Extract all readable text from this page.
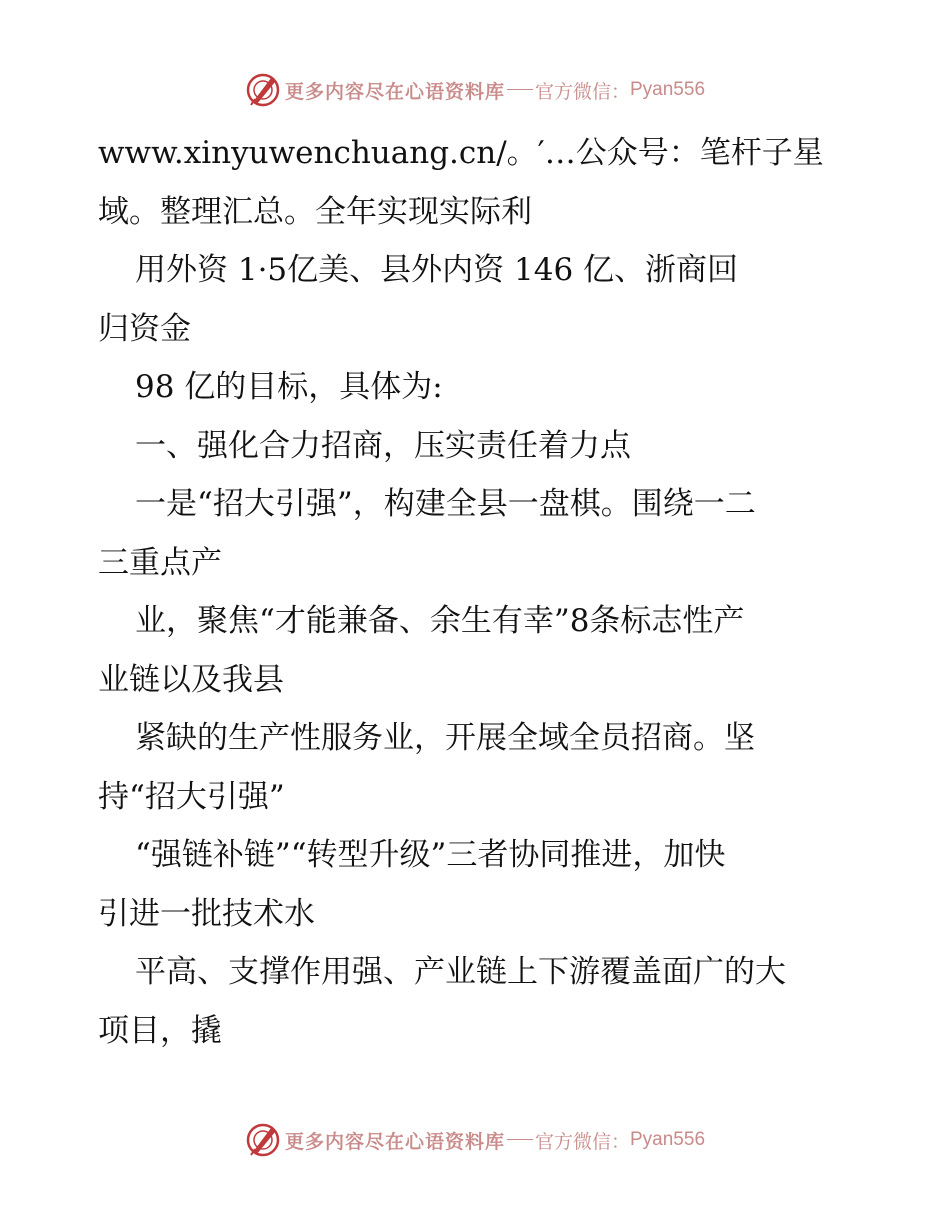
更多内容尽在心语资料库 官方微信： Pyan556
www.xinyuwenchuang.cn/。′…公众号：笔杆子星
域。整理汇总。全年实现实际利
用外资 1·5亿美、县外内资 146 亿、浙商回
归资金
98 亿的目标，具体为:
一、强化合力招商，压实责任着力点
一是“招大引强”，构建全县一盘棋。围绕一二
三重点产
业，聚焦“才能兼备、余生有幸”8条标志性产
业链以及我县
紧缺的生产性服务业，开展全域全员招商。坚
持“招大引强”
“强链补链”“转型升级”三者协同推进，加快
引进一批技术水
平高、支撑作用强、产业链上下游覆盖面广的大
项目，撬
更多内容尽在心语资料库 官方微信： Pyan556
